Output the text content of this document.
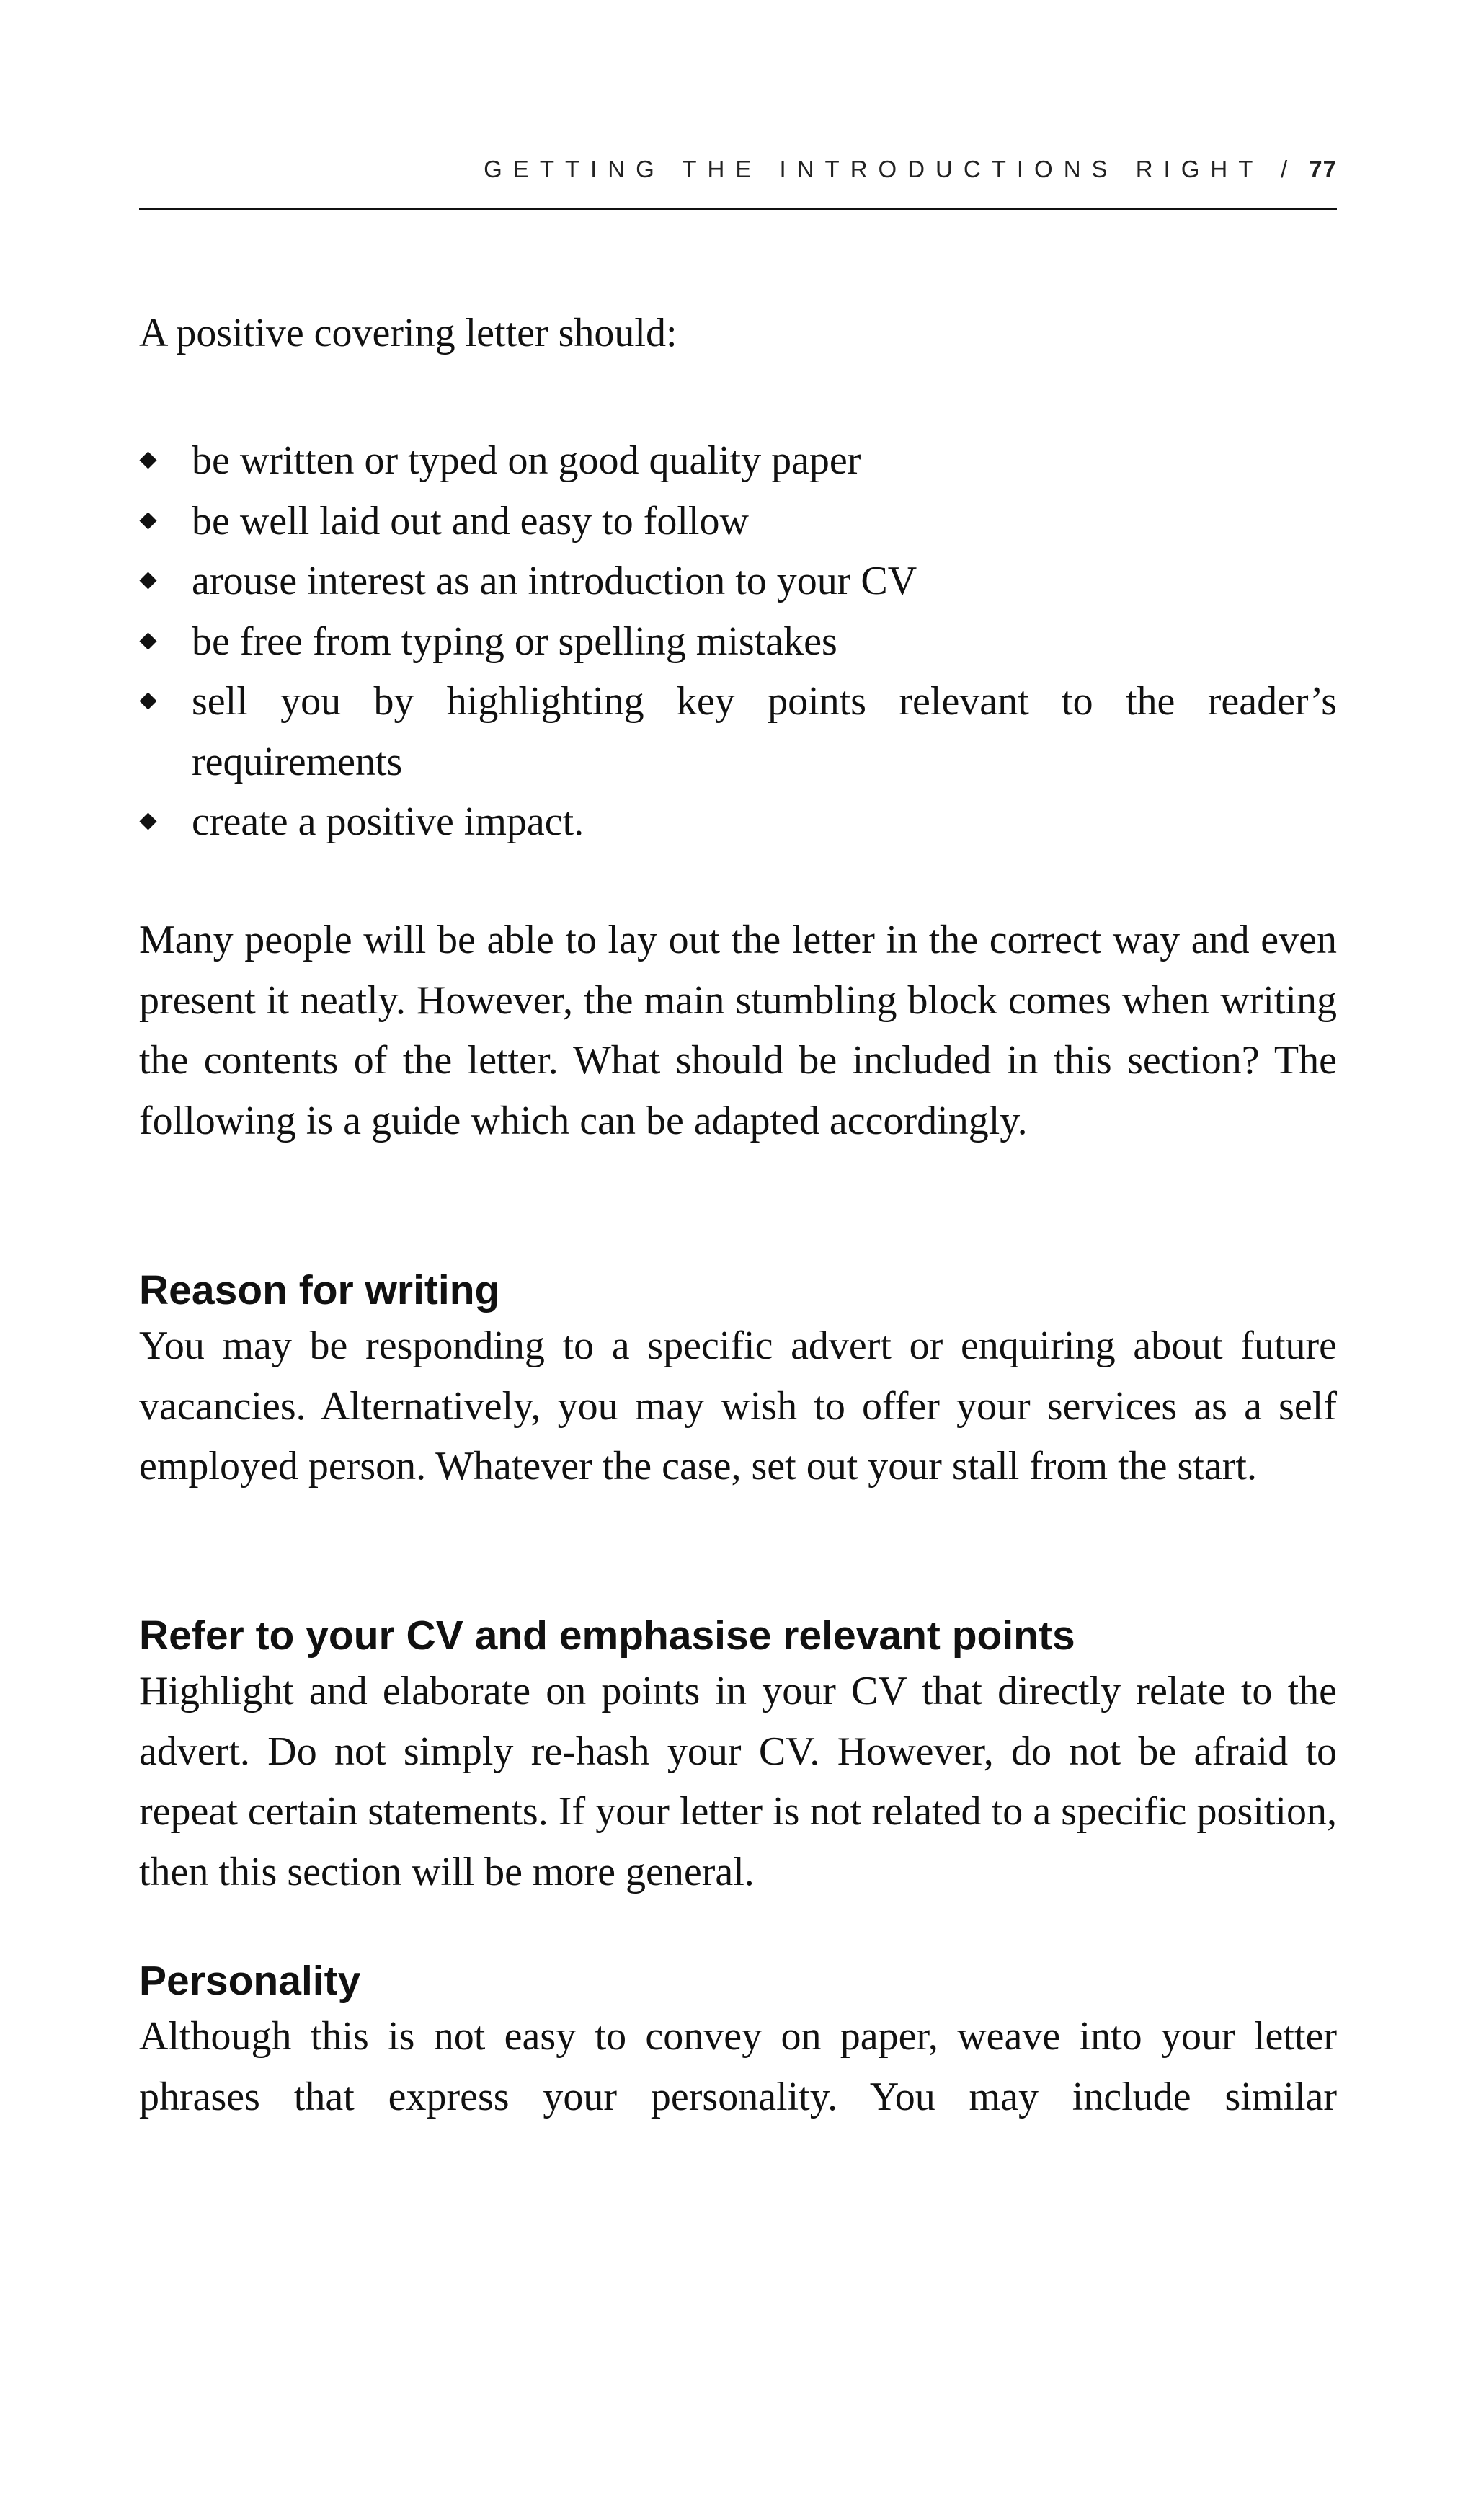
GETTING THE INTRODUCTIONS RIGHT / 77

A positive covering letter should:

be written or typed on good quality paper
be well laid out and easy to follow
arouse interest as an introduction to your CV
be free from typing or spelling mistakes
sell you by highlighting key points relevant to the reader’s requirements
create a positive impact.

Many people will be able to lay out the letter in the correct way and even present it neatly. However, the main stumbling block comes when writing the contents of the letter. What should be included in this section? The following is a guide which can be adapted accordingly.

Reason for writing

You may be responding to a specific advert or enquiring about future vacancies. Alternatively, you may wish to offer your services as a self employed person. Whatever the case, set out your stall from the start.

Refer to your CV and emphasise relevant points

Highlight and elaborate on points in your CV that directly relate to the advert. Do not simply re-hash your CV. However, do not be afraid to repeat certain statements. If your letter is not related to a specific position, then this section will be more general.

Personality

Although this is not easy to convey on paper, weave into your letter phrases that express your personality. You may include similar
